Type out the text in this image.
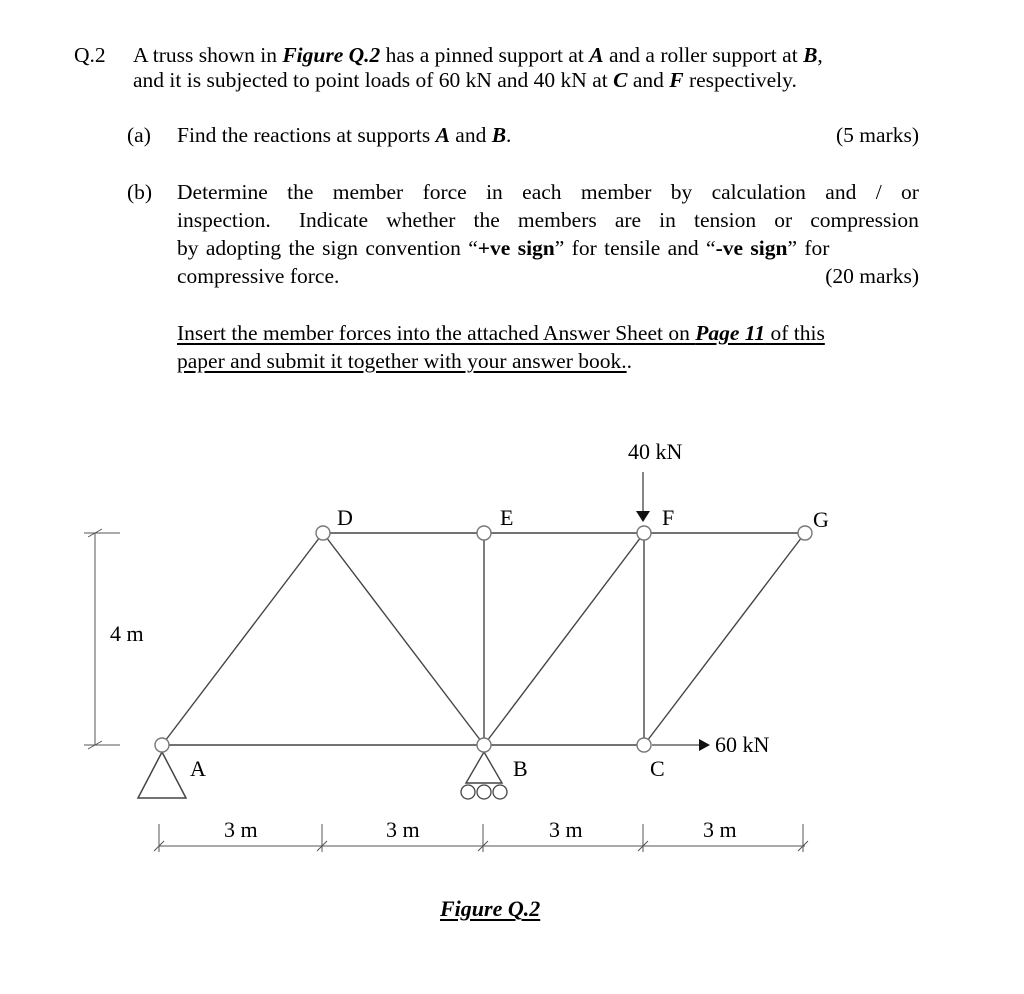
Q.2 A truss shown in Figure Q.2 has a pinned support at A and a roller support at B,
and it is subjected to point loads of 60 kN and 40 kN at C and F respectively.
(a) Find the reactions at supports A and B.	(5 marks)
(b) Determine the member force in each member by calculation and / or
inspection. Indicate whether the members are in tension or compression
by adopting the sign convention “+ve sign” for tensile and “-ve sign” for
compressive force.	(20 marks)
Insert the member forces into the attached Answer Sheet on Page 11 of this
paper and submit it together with your answer book..
D	E	F	G
A	B	C
40 kN
60 kN
4 m
3 m	3 m	3 m	3 m
Figure Q.2
